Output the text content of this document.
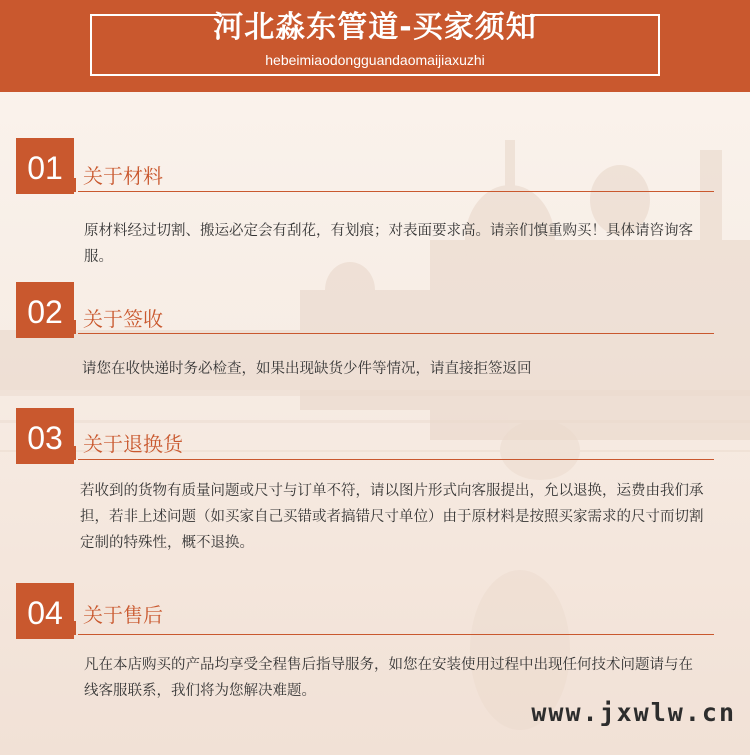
河北淼东管道-买家须知
hebeimiaodongguandaomaijiaxuzhi
01	关于材料
原材料经过切割、搬运必定会有刮花，有划痕；对表面要求高。请亲们慎重购买！具体请咨询客服。
02	关于签收
请您在收快递时务必检查，如果出现缺货少件等情况，请直接拒签返回
03	关于退换货
若收到的货物有质量问题或尺寸与订单不符，请以图片形式向客服提出，允以退换，运费由我们承担，若非上述问题（如买家自己买错或者搞错尺寸单位）由于原材料是按照买家需求的尺寸而切割定制的特殊性，概不退换。
04	关于售后
凡在本店购买的产品均享受全程售后指导服务，如您在安装使用过程中出现任何技术问题请与在线客服联系，我们将为您解决难题。
www.jxwlw.cn
